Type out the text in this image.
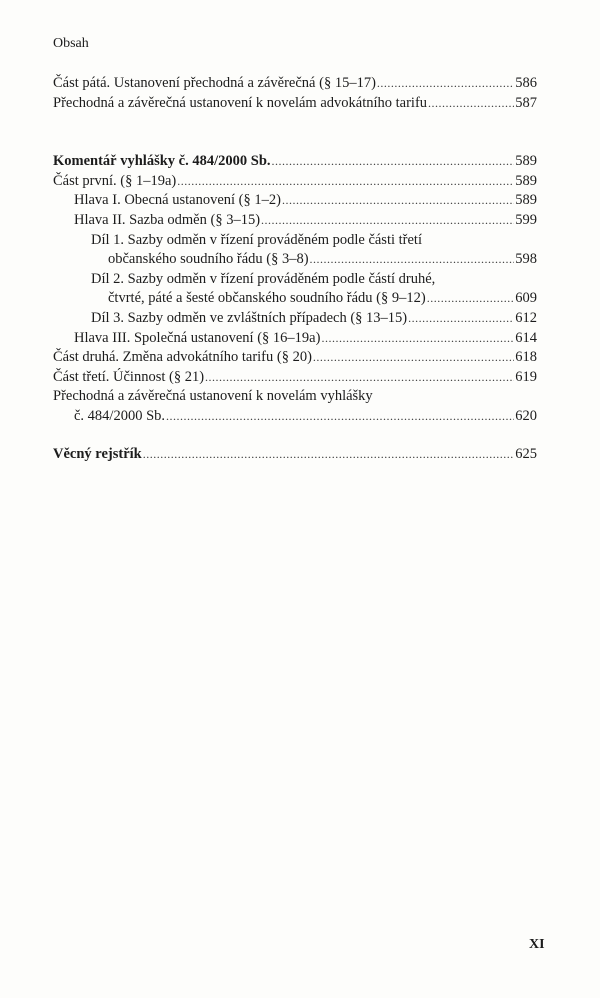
Obsah
Část pátá. Ustanovení přechodná a závěrečná (§ 15–17) .....	586
Přechodná a závěrečná ustanovení k novelám advokátního tarifu .....	587
Komentář vyhlášky č. 484/2000 Sb. .....	589
Část první. (§ 1–19a) .....	589
Hlava I. Obecná ustanovení (§ 1–2) .....	589
Hlava II. Sazba odměn (§ 3–15) .....	599
Díl 1. Sazby odměn v řízení prováděném podle části třetí
občanského soudního řádu (§ 3–8) .....	598
Díl 2. Sazby odměn v řízení prováděném podle částí druhé,
čtvrté, páté a šesté občanského soudního řádu (§ 9–12) .....	609
Díl 3. Sazby odměn ve zvláštních případech (§ 13–15) .....	612
Hlava III. Společná ustanovení (§ 16–19a) .....	614
Část druhá. Změna advokátního tarifu (§ 20) .....	618
Část třetí. Účinnost (§ 21) .....	619
Přechodná a závěrečná ustanovení k novelám vyhlášky
č. 484/2000 Sb. .....	620
Věcný rejstřík .....	625
XI
